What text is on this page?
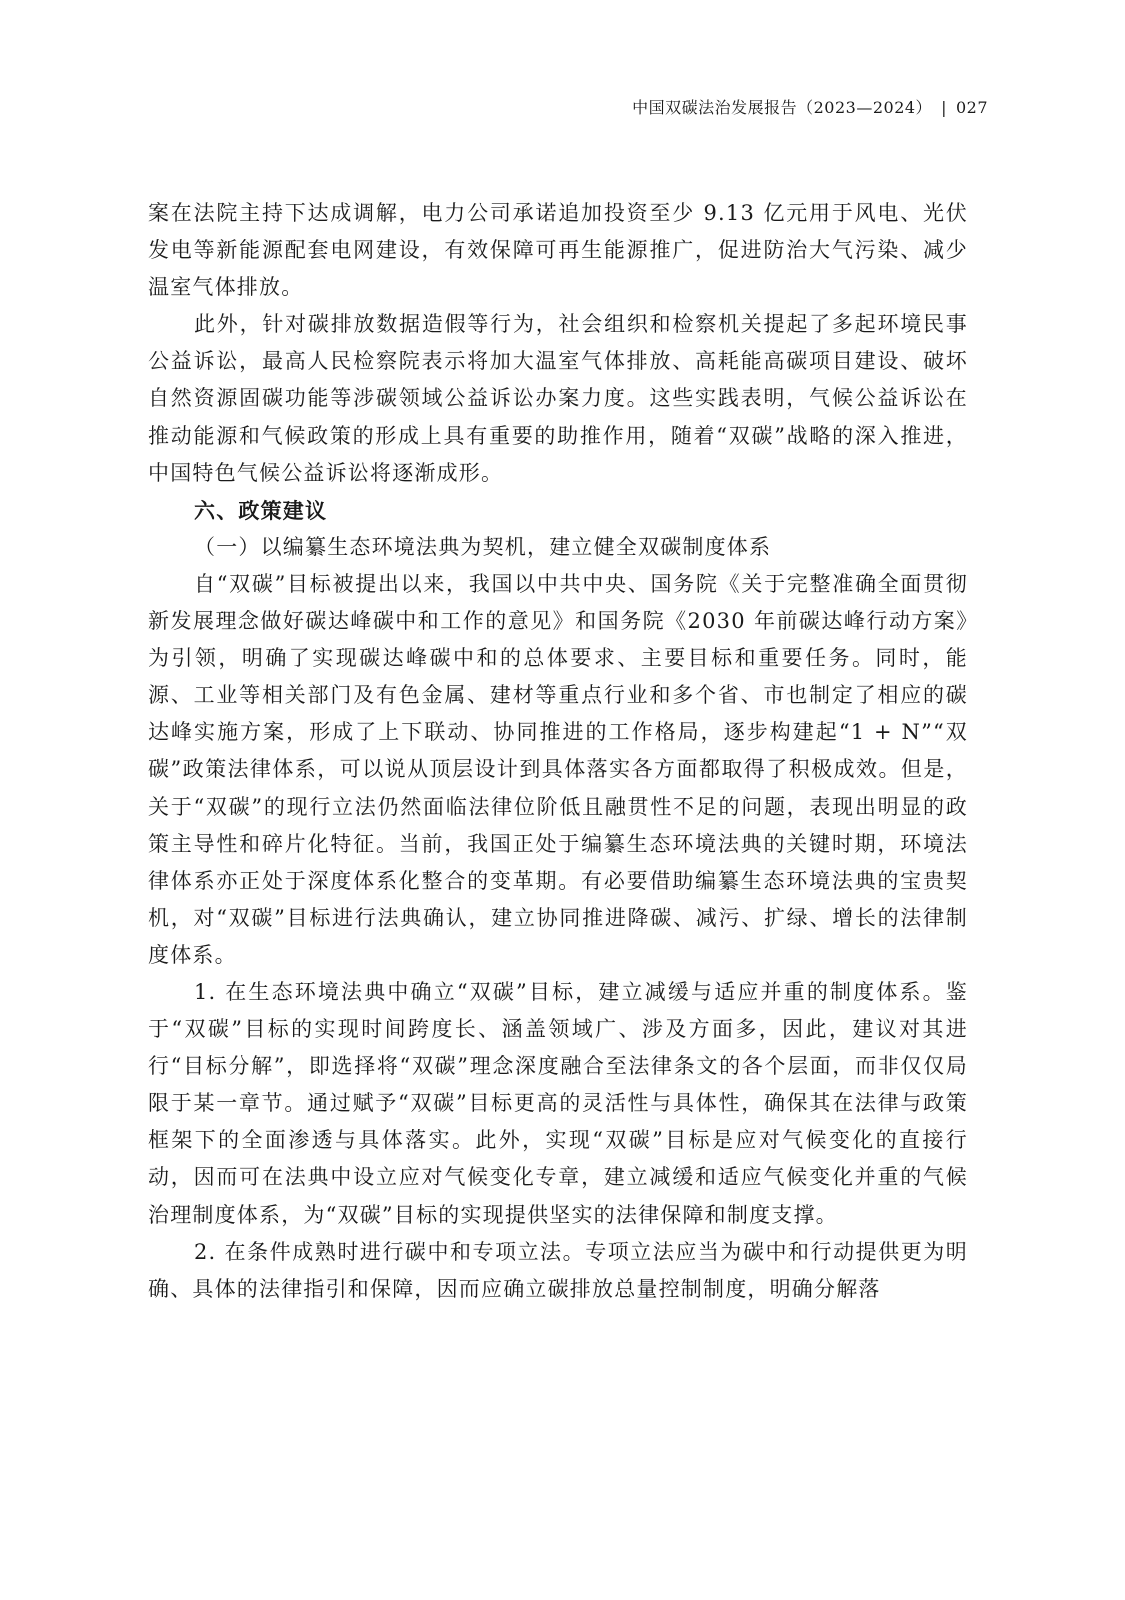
中国双碳法治发展报告（2023—2024） | 027

案在法院主持下达成调解，电力公司承诺追加投资至少 9.13 亿元用于风电、光伏发电等新能源配套电网建设，有效保障可再生能源推广，促进防治大气污染、减少温室气体排放。

此外，针对碳排放数据造假等行为，社会组织和检察机关提起了多起环境民事公益诉讼，最高人民检察院表示将加大温室气体排放、高耗能高碳项目建设、破坏自然资源固碳功能等涉碳领域公益诉讼办案力度。这些实践表明，气候公益诉讼在推动能源和气候政策的形成上具有重要的助推作用，随着“双碳”战略的深入推进，中国特色气候公益诉讼将逐渐成形。

六、政策建议

（一）以编纂生态环境法典为契机，建立健全双碳制度体系

自“双碳”目标被提出以来，我国以中共中央、国务院《关于完整准确全面贯彻新发展理念做好碳达峰碳中和工作的意见》和国务院《2030 年前碳达峰行动方案》为引领，明确了实现碳达峰碳中和的总体要求、主要目标和重要任务。同时，能源、工业等相关部门及有色金属、建材等重点行业和多个省、市也制定了相应的碳达峰实施方案，形成了上下联动、协同推进的工作格局，逐步构建起“1 + N”“双碳”政策法律体系，可以说从顶层设计到具体落实各方面都取得了积极成效。但是，关于“双碳”的现行立法仍然面临法律位阶低且融贯性不足的问题，表现出明显的政策主导性和碎片化特征。当前，我国正处于编纂生态环境法典的关键时期，环境法律体系亦正处于深度体系化整合的变革期。有必要借助编纂生态环境法典的宝贵契机，对“双碳”目标进行法典确认，建立协同推进降碳、减污、扩绿、增长的法律制度体系。

1. 在生态环境法典中确立“双碳”目标，建立减缓与适应并重的制度体系。鉴于“双碳”目标的实现时间跨度长、涵盖领域广、涉及方面多，因此，建议对其进行“目标分解”，即选择将“双碳”理念深度融合至法律条文的各个层面，而非仅仅局限于某一章节。通过赋予“双碳”目标更高的灵活性与具体性，确保其在法律与政策框架下的全面渗透与具体落实。此外，实现“双碳”目标是应对气候变化的直接行动，因而可在法典中设立应对气候变化专章，建立减缓和适应气候变化并重的气候治理制度体系，为“双碳”目标的实现提供坚实的法律保障和制度支撑。

2. 在条件成熟时进行碳中和专项立法。专项立法应当为碳中和行动提供更为明确、具体的法律指引和保障，因而应确立碳排放总量控制制度，明确分解落
